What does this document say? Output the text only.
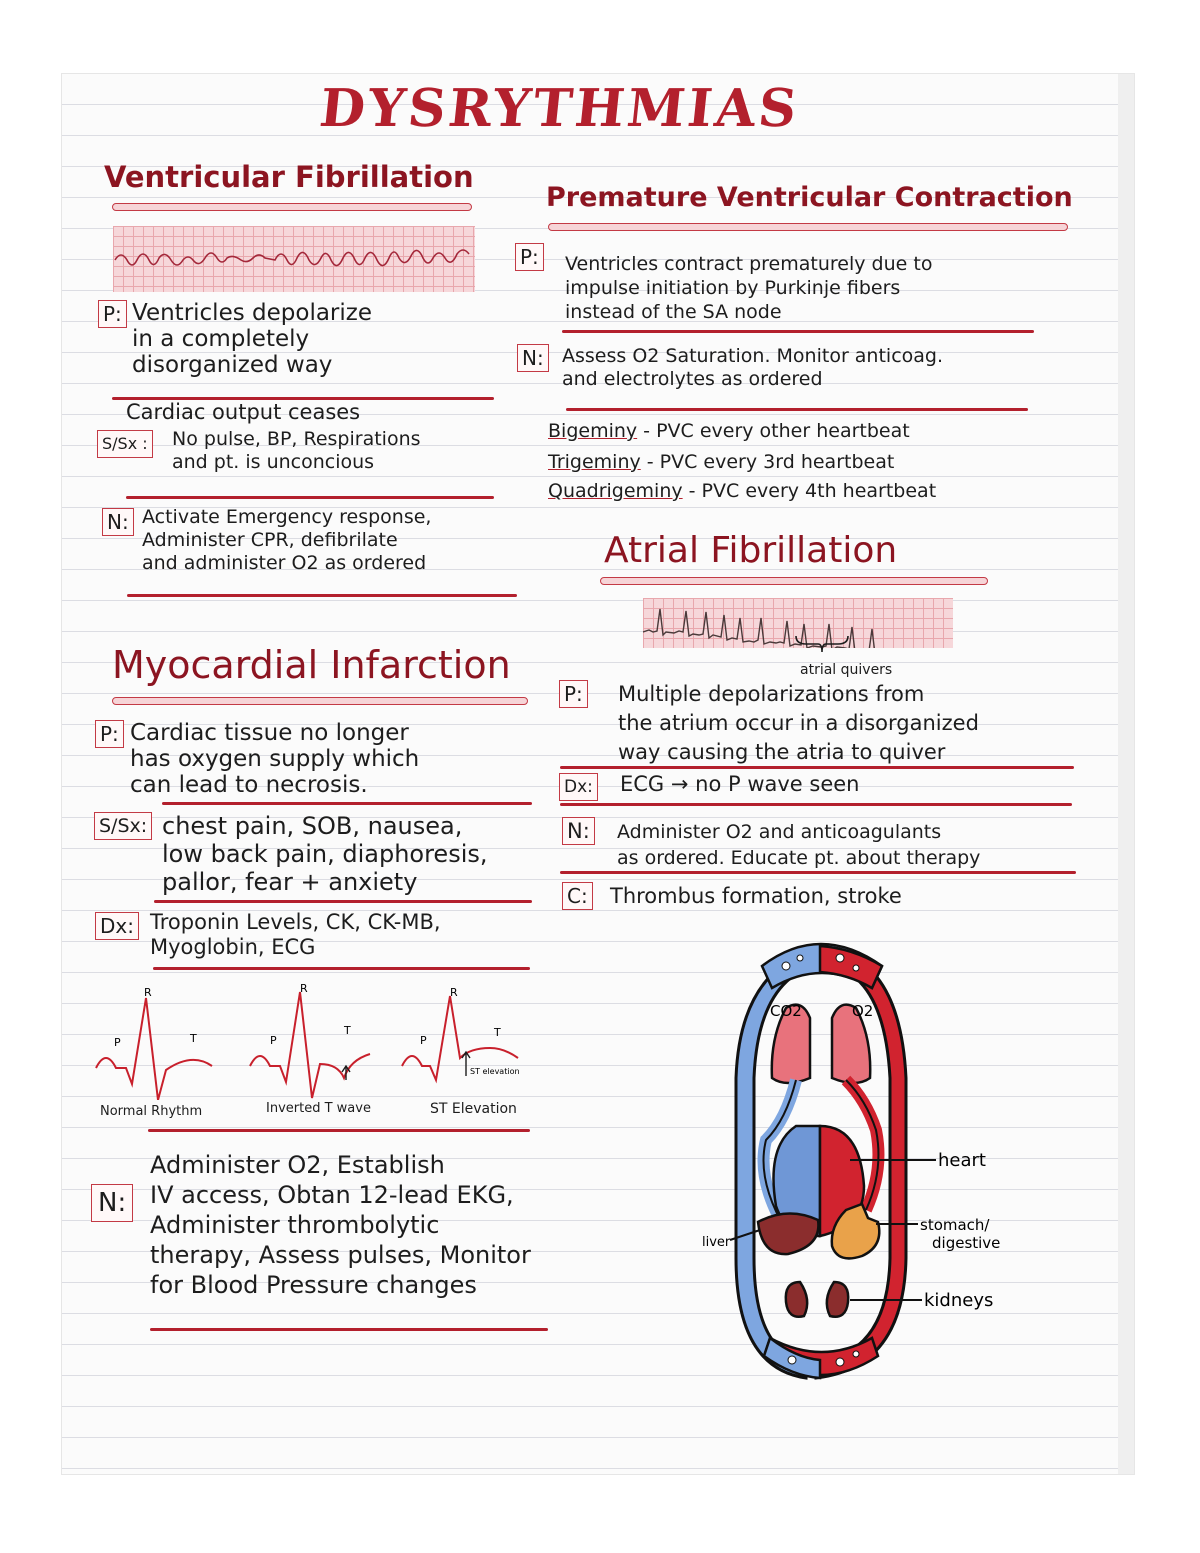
DYSRYTHMIAS
Ventricular Fibrillation
P: Ventricles depolarize
in a completely
disorganized way
Cardiac output ceases
S/Sx : No pulse, BP, Respirations
and pt. is unconcious
N: Activate Emergency response,
Administer CPR, defibrilate
and administer O2 as ordered
Premature Ventricular Contraction
P: Ventricles contract prematurely due to
impulse initiation by Purkinje fibers
instead of the SA node
N: Assess O2 Saturation. Monitor anticoag.
and electrolytes as ordered
Bigeminy - PVC every other heartbeat
Trigeminy - PVC every 3rd heartbeat
Quadrigeminy - PVC every 4th heartbeat
Atrial Fibrillation
atrial quivers
P: Multiple depolarizations from
the atrium occur in a disorganized
way causing the atria to quiver
Dx: ECG → no P wave seen
N: Administer O2 and anticoagulants
as ordered. Educate pt. about therapy
C: Thrombus formation, stroke
Myocardial Infarction
P: Cardiac tissue no longer
has oxygen supply which
can lead to necrosis.
S/Sx: chest pain, SOB, nausea,
low back pain, diaphoresis,
pallor, fear + anxiety
Dx: Troponin Levels, CK, CK-MB,
Myoglobin, ECG
P
R
T	P
R
T
P
R
T
ST elevation
Normal Rhythm	Inverted T wave	ST Elevation
N:
Administer O2, Establish
IV access, Obtan 12-lead EKG,
Administer thrombolytic
therapy, Assess pulses, Monitor
for Blood Pressure changes
CO2	O2
heart
stomach/ digestive
kidneys
liver
